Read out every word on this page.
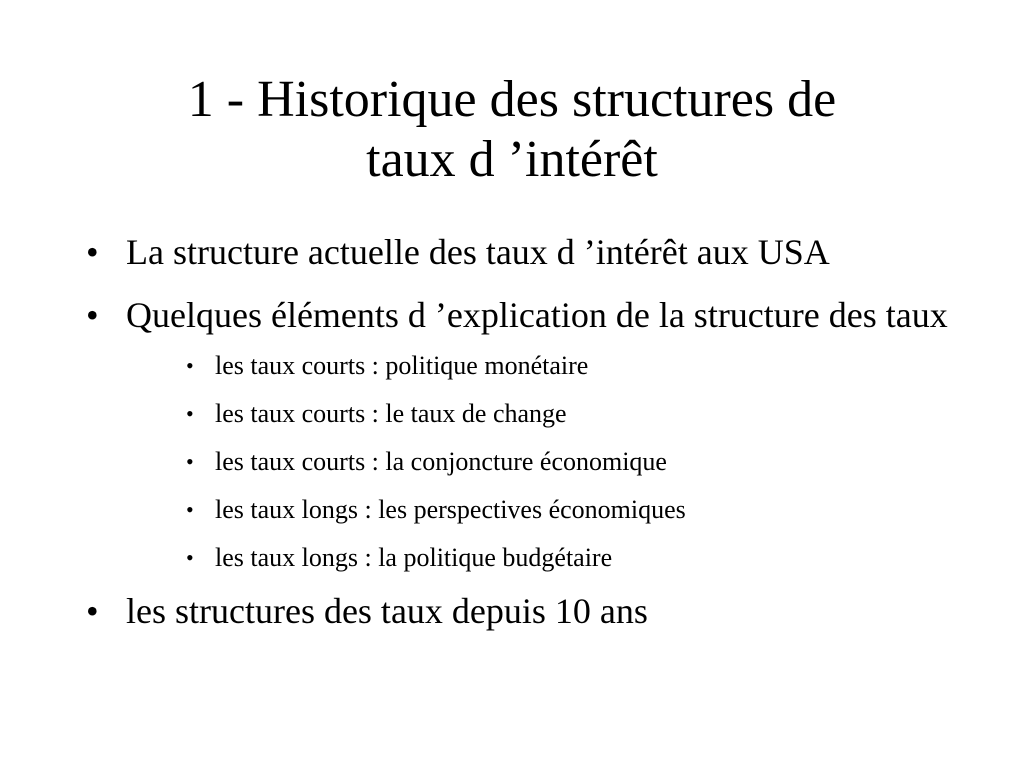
1 - Historique des structures de
taux d ’intérêt
• La structure actuelle des taux d ’intérêt aux USA
• Quelques éléments d ’explication de la structure des taux
• les taux courts : politique monétaire
• les taux courts : le taux de change
• les taux courts : la conjoncture économique
• les taux longs : les perspectives économiques
• les taux longs : la politique budgétaire
• les structures des taux depuis 10 ans
